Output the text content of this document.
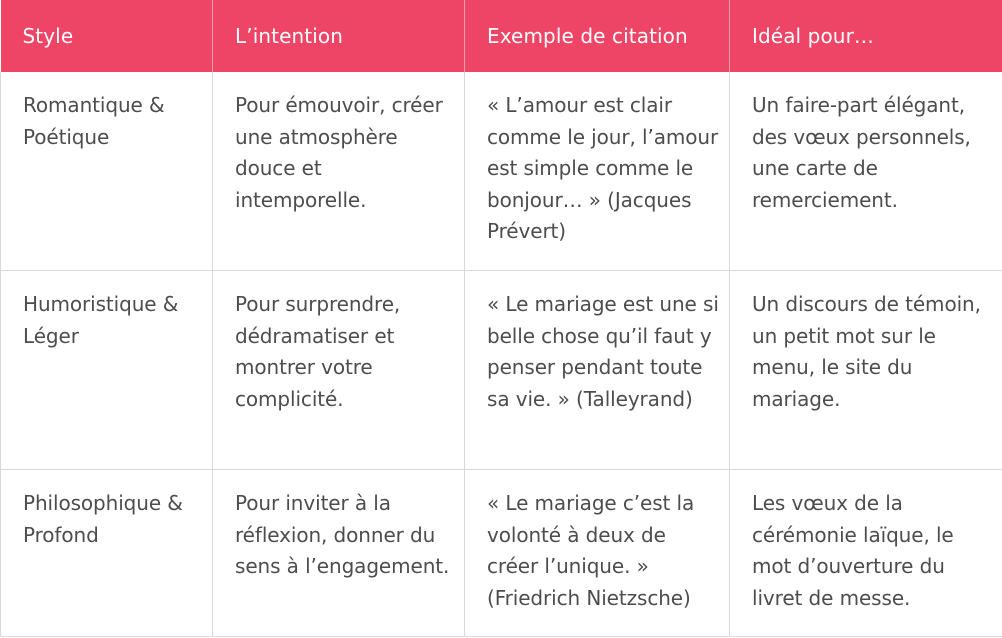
Style	L’intention	Exemple de citation	Idéal pour…
Romantique & Poétique	Pour émouvoir, créer une atmosphère douce et intemporelle.	« L’amour est clair comme le jour, l’amour est simple comme le bonjour… » (Jacques Prévert)	Un faire-part élégant, des vœux personnels, une carte de remerciement.
Humoristique & Léger	Pour surprendre, dédramatiser et montrer votre complicité.	« Le mariage est une si belle chose qu’il faut y penser pendant toute sa vie. » (Talleyrand)	Un discours de témoin, un petit mot sur le menu, le site du mariage.
Philosophique & Profond	Pour inviter à la réflexion, donner du sens à l’engagement.	« Le mariage c’est la volonté à deux de créer l’unique. » (Friedrich Nietzsche)	Les vœux de la cérémonie laïque, le mot d’ouverture du livret de messe.
